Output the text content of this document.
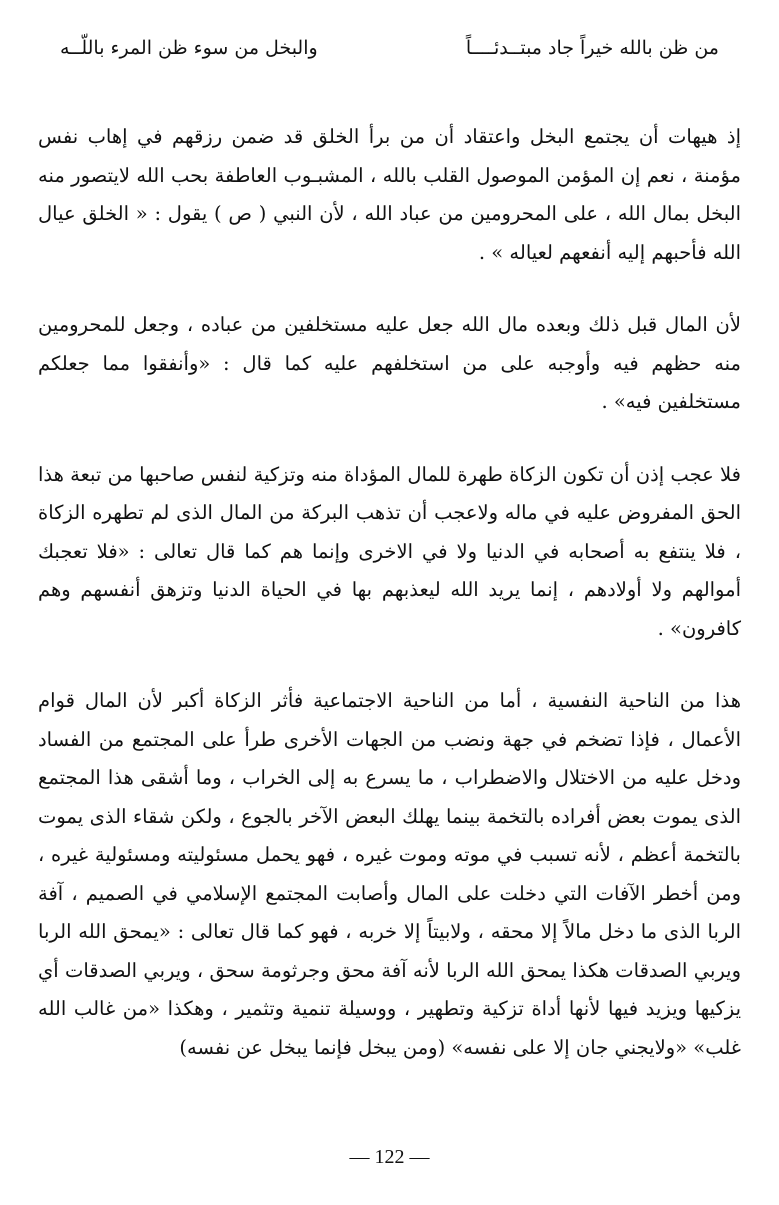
من ظن بالله خيراً جاد مبتــدئــــاً
والبخل من سوء ظن المرء باللّــه

إذ هيهات أن يجتمع البخل واعتقاد أن من برأ الخلق قد ضمن رزقهم في إهاب نفس مؤمنة ، نعم إن المؤمن الموصول القلب بالله ، المشبـوب العاطفة بحب الله لايتصور منه البخل بمال الله ، على المحرومين من عباد الله ، لأن النبي ( ص ) يقول : « الخلق عيال الله فأحبهم إليه أنفعهم لعياله » .

لأن المال قبل ذلك وبعده مال الله جعل عليه مستخلفين من عباده ، وجعل للمحرومين منه حظهم فيه وأوجبه على من استخلفهم عليه كما قال : «وأنفقوا مما جعلكم مستخلفين فيه» .

فلا عجب إذن أن تكون الزكاة طهرة للمال المؤداة منه وتزكية لنفس صاحبها من تبعة هذا الحق المفروض عليه في ماله ولاعجب أن تذهب البركة من المال الذى لم تطهره الزكاة ، فلا ينتفع به أصحابه في الدنيا ولا في الاخرى وإنما هم كما قال تعالى : «فلا تعجبك أموالهم ولا أولادهم ، إنما يريد الله ليعذبهم بها في الحياة الدنيا وتزهق أنفسهم وهم كافرون» .

هذا من الناحية النفسية ، أما من الناحية الاجتماعية فأثر الزكاة أكبر لأن المال قوام الأعمال ، فإذا تضخم في جهة ونضب من الجهات الأخرى طرأ على المجتمع من الفساد ودخل عليه من الاختلال والاضطراب ، ما يسرع به إلى الخراب ، وما أشقى هذا المجتمع الذى يموت بعض أفراده بالتخمة بينما يهلك البعض الآخر بالجوع ، ولكن شقاء الذى يموت بالتخمة أعظم ، لأنه تسبب في موته وموت غيره ، فهو يحمل مسئوليته ومسئولية غيره ، ومن أخطر الآفات التي دخلت على المال وأصابت المجتمع الإسلامي في الصميم ، آفة الربا الذى ما دخل مالاً إلا محقه ، ولابيتاً إلا خربه ، فهو كما قال تعالى : «يمحق الله الربا ويربي الصدقات هكذا يمحق الله الربا لأنه آفة محق وجرثومة سحق ، ويربي الصدقات أي يزكيها ويزيد فيها لأنها أداة تزكية وتطهير ، ووسيلة تنمية وتثمير ، وهكذا «من غالب الله غلب» «ولايجني جان إلا على نفسه» (ومن يبخل فإنما يبخل عن نفسه)

— 122 —
